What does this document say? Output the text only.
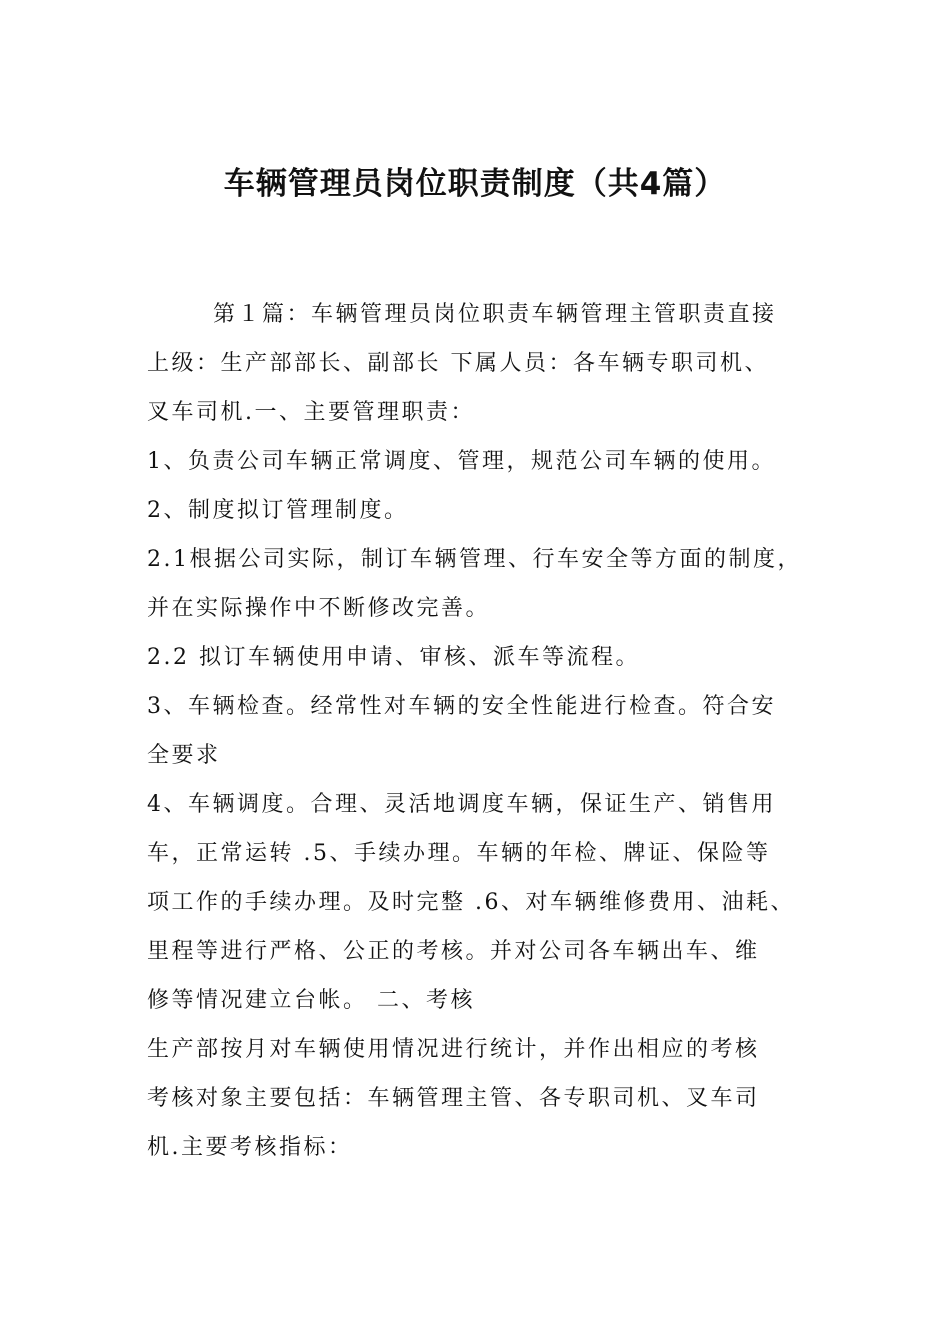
车辆管理员岗位职责制度（共4篇）

第１篇：车辆管理员岗位职责车辆管理主管职责直接

上级：生产部部长、副部长 下属人员：各车辆专职司机、

叉车司机.一、主要管理职责：

1、负责公司车辆正常调度、管理，规范公司车辆的使用。

2、制度拟订管理制度。

2.1根据公司实际，制订车辆管理、行车安全等方面的制度，

并在实际操作中不断修改完善。

2.2 拟订车辆使用申请、审核、派车等流程。

3、车辆检查。经常性对车辆的安全性能进行检查。符合安

全要求

4、车辆调度。合理、灵活地调度车辆，保证生产、销售用

车，正常运转 .5、手续办理。车辆的年检、牌证、保险等

项工作的手续办理。及时完整 .6、对车辆维修费用、油耗、

里程等进行严格、公正的考核。并对公司各车辆出车、维

修等情况建立台帐。 二、考核

生产部按月对车辆使用情况进行统计，并作出相应的考核

考核对象主要包括：车辆管理主管、各专职司机、叉车司

机.主要考核指标：
